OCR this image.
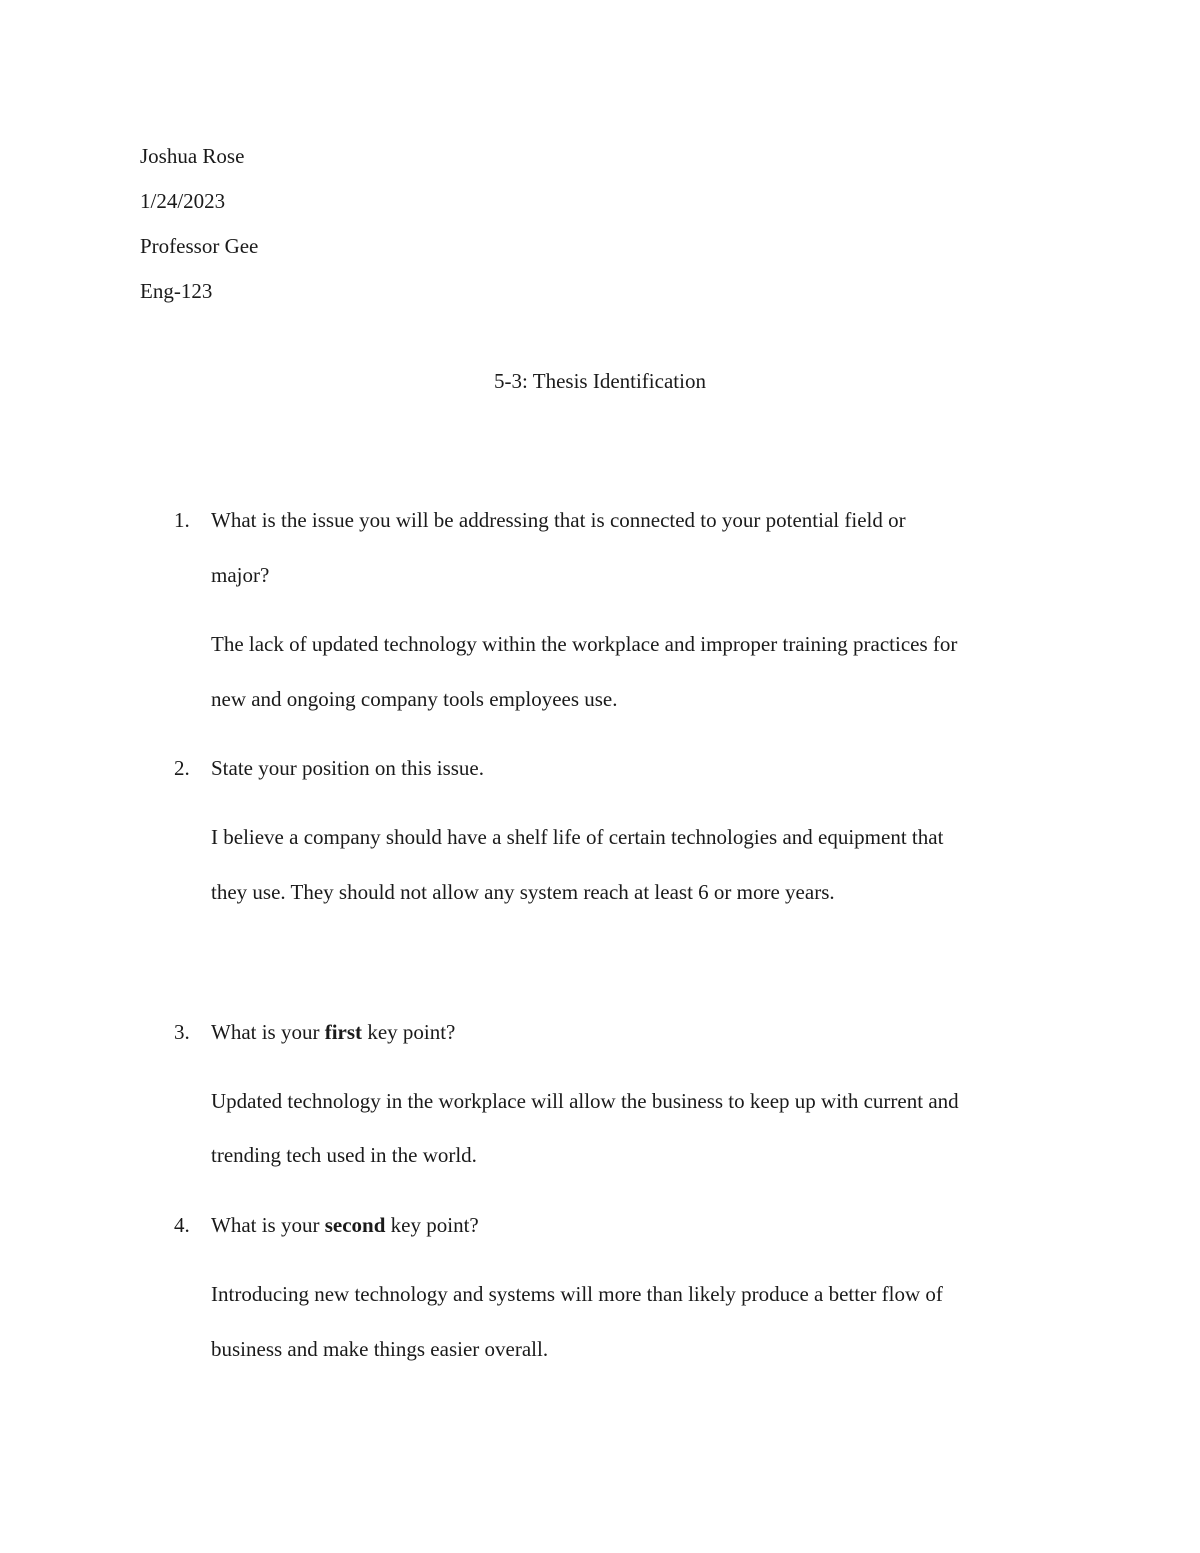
Joshua Rose
1/24/2023
Professor Gee
Eng-123
5-3: Thesis Identification
1. What is the issue you will be addressing that is connected to your potential field or
major?
The lack of updated technology within the workplace and improper training practices for
new and ongoing company tools employees use.
2. State your position on this issue.
I believe a company should have a shelf life of certain technologies and equipment that
they use. They should not allow any system reach at least 6 or more years.
3. What is your first key point?
Updated technology in the workplace will allow the business to keep up with current and
trending tech used in the world.
4. What is your second key point?
Introducing new technology and systems will more than likely produce a better flow of
business and make things easier overall.
